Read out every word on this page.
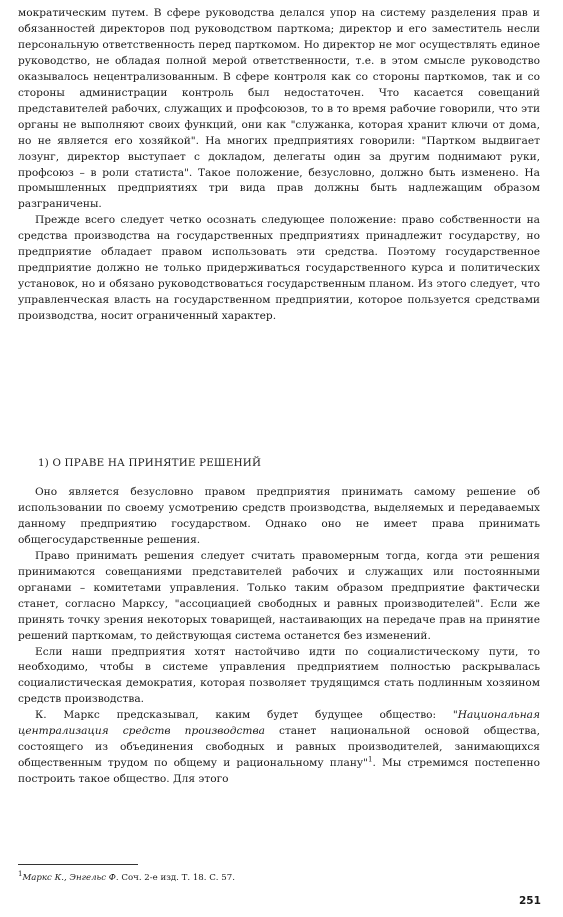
мократическим путем. В сфере руководства делался упор на систему разделения прав и обязанностей директоров под руководством парткома; директор и его заместитель несли персональную ответственность перед парткомом. Но директор не мог осуществлять единое руководство, не обладая полной мерой ответственности, т.е. в этом смысле руководство оказывалось нецентрализованным. В сфере контроля как со стороны парткомов, так и со стороны администрации контроль был недостаточен. Что касается совещаний представителей рабочих, служащих и профсоюзов, то в то время рабочие говорили, что эти органы не выполняют своих функций, они как "служанка, которая хранит ключи от дома, но не является его хозяйкой". На многих предприятиях говорили: "Партком выдвигает лозунг, директор выступает с докладом, делегаты один за другим поднимают руки, профсоюз – в роли статиста". Такое положение, безусловно, должно быть изменено. На промышленных предприятиях три вида прав должны быть надлежащим образом разграничены.

Прежде всего следует четко осознать следующее положение: право собственности на средства производства на государственных предприятиях принадлежит государству, но предприятие обладает правом использовать эти средства. Поэтому государственное предприятие должно не только придерживаться государственного курса и политических установок, но и обязано руководствоваться государственным планом. Из этого следует, что управленческая власть на государственном предприятии, которое пользуется средствами производства, носит ограниченный характер.

1) О ПРАВЕ НА ПРИНЯТИЕ РЕШЕНИЙ

Оно является безусловно правом предприятия принимать самому решение об использовании по своему усмотрению средств производства, выделяемых и передаваемых данному предприятию государством. Однако оно не имеет права принимать общегосударственные решения.

Право принимать решения следует считать правомерным тогда, когда эти решения принимаются совещаниями представителей рабочих и служащих или постоянными органами – комитетами управления. Только таким образом предприятие фактически станет, согласно Марксу, "ассоциацией свободных и равных производителей". Если же принять точку зрения некоторых товарищей, настаивающих на передаче прав на принятие решений парткомам, то действующая система останется без изменений.

Если наши предприятия хотят настойчиво идти по социалистическому пути, то необходимо, чтобы в системе управления предприятием полностью раскрывалась социалистическая демократия, которая позволяет трудящимся стать подлинным хозяином средств производства.

К. Маркс предсказывал, каким будет будущее общество: "Национальная централизация средств производства станет национальной основой общества, состоящего из объединения свободных и равных производителей, занимающихся общественным трудом по общему и рациональному плану"$^1$. Мы стремимся постепенно построить такое общество. Для этого

$^1$Маркс К., Энгельс Ф. Соч. 2-е изд. Т. 18. С. 57.
251
